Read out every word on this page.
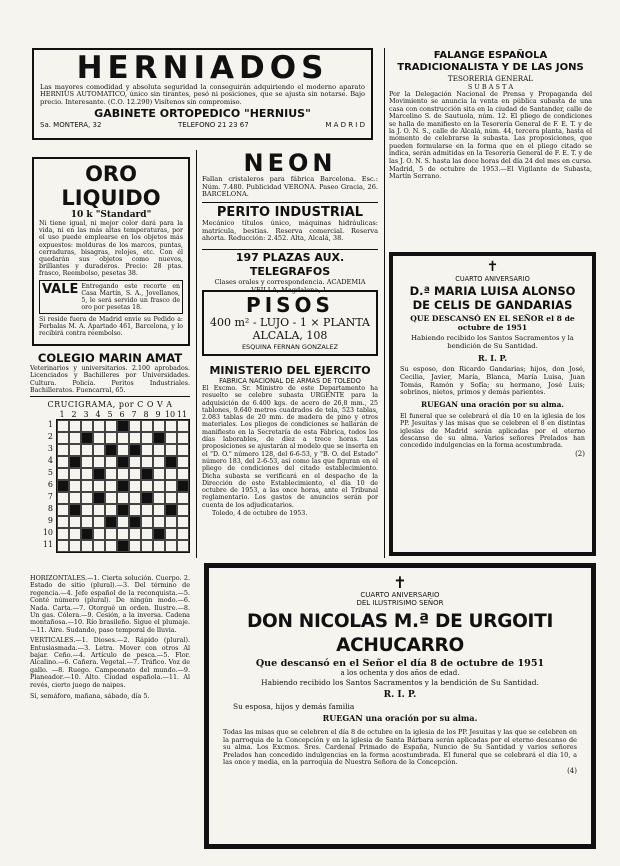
HERNIADOS
Las mayores comodidad y absoluta seguridad la conseguirán adquiriendo el moderno aparato HERNIUS AUTOMATICO, único sin tirantes, pesó ni posiciones, que se ajusta sin notarse. Bajo precio. Interesante. (C.O. 12.290) Visítenos sin compromiso.
GABINETE ORTOPEDICO "HERNIUS"
Sa. MONTERA, 32	TELEFONO 21 23 67	M A D R I D
ORO LIQUIDO
10 k "Standard"
Ni tiene igual, ni mejor color dará para la vida, ni en las más altas temperaturas, por el uso puede emplearse en los objetos más expuestos: molduras de los marcos, puntas, cerraduras, bisagras, relojes, etc. Con él quedarán sus objetos como nuevos, brillantes y duraderos. Precio: 28 ptas. frasco, Reembolso, pesetas 38.
VALE Entregando este recorte en Casa Martín, S. A., Jovellanos, 5, le será servido un frasco de oro por pesetas 18.
Si reside fuera de Madrid envíe su Pedido a: Ferbalas M. A. Apartado 461, Barcelona, y lo recibirá contra reembolso.
COLEGIO MARIN AMAT
Veterinarios y universitarios. 2.100 aprobados. Licenciados y Bachilleres por Universidades. Cultura. Policía. Peritos Industriales. Bachilleratos. Fuencarral, 65.
CRUCIGRAMA, por C O V A
1 2 3 4 5 6 7 8 9 10 11
1
2
3
4
5
6
7
8
9
10
11
HORIZONTALES.—1. Cierta solución. Cuerpo. 2. Estado de sitio (plural).—3. Del término de regencia.—4. Jefe español de la reconquista.—5. Conté número (plural). De ningún modo.—6. Nada. Carta.—7. Otorgué un orden. Ilustre.—8. Un gas. Cólera.—9. Cesión, a la inversa. Cadena montañosa.—10. Río brasileño. Sigue el plumaje.—11. Aire. Sudando, paso temporal de lluvia.
VERTICALES.—1. Dioses.—2. Rápido (plural). Entusiasmada.—3. Letra. Mover con otros Al bajar. Ceño.—4. Artículo de pesca.—5. Flor. Alcalino.—6. Cañera. Vegetal.—7. Tráfico. Voz de gallo. —8. Ruego. Campeonato del mundo.—9. Planeador.—10. Alto. Ciudad española.—11. Al revés, cierto juego de naipes.
Sí, semáforo, mañana, sábado, día 5.
NEON
Fallan cristaleros para fábrica Barcelona. Esc.: Núm. 7.480. Publicidad VERONA. Paseo Gracia, 26. BARCELONA.
PERITO INDUSTRIAL
Mecánico títulos único, máquinas hidráulicas: matrícula, bestias. Reserva comercial. Reserva ahorta. Reducción: 2.452. Alta, Alcalá, 38.
197 PLAZAS AUX. TELEGRAFOS
Clases orales y correspondencia. ACADEMIA VEILLA, Magdalena, 1.
PISOS
400 m² - LUJO - 1 × PLANTA
ALCALA, 108
ESQUINA FERNAN GONZALEZ
MINISTERIO DEL EJERCITO
FABRICA NACIONAL DE ARMAS DE TOLEDO
El Excmo. Sr. Ministro de este Departamento ha resuelto se celebre subasta URGENTE para la adquisición de 6.400 kgs. de acero de 26,8 mm., 25 tablones, 9.640 metros cuadrados de tela, 523 tablas, 2.083 tablas de 20 mm. de madera de pino y otros materiales. Los pliegos de condiciones se hallarán de manifiesto en la Secretaría de esta Fábrica, todos los días laborables, de diez a trece horas. Las proposiciones se ajustarán al modelo que se inserta en el "D. O." número 128, del 6-6-53, y "B. O. del Estado" número 183, del 2-6-53, así como las que figuran en el pliego de condiciones del citado establecimiento. Dicha subasta se verificará en el despacho de la Dirección de este Establecimiento, el día 10 de octubre de 1953, a las once horas, ante el Tribunal reglamentario. Los gastos de anuncios serán por cuenta de los adjudicatarios.
Toledo, 4 de octubre de 1953.
FALANGE ESPAÑOLA TRADICIONALISTA Y DE LAS JONS
TESORERIA GENERAL
S U B A S T A
Por la Delegación Nacional de Prensa y Propaganda del Movimiento se anuncia la venta en pública subasta de una casa con construcción sita en la ciudad de Santander, calle de Marcelino S. de Sautuola, núm. 12. El pliego de condiciones se halla de manifiesto en la Tesorería General de F. E. T. y de la J. O. N. S., calle de Alcalá, núm. 44, tercera planta, hasta el momento de celebrarse la subasta. Las proposiciones, que pueden formularse en la forma que en el pliego citado se indica, serán admitidas en la Tesorería General de F. E. T. y de las J. O. N. S. hasta las doce horas del día 24 del mes en curso.
Madrid, 5 de octubre de 1953.—El Vigilante de Subasta, Martín Serrano.
✝
CUARTO ANIVERSARIO
D.ª MARIA LUISA ALONSO DE CELIS DE GANDARIAS
QUE DESCANSÓ EN EL SEÑOR el 8 de octubre de 1951
Habiendo recibido los Santos Sacramentos y la bendición de Su Santidad.
R. I. P.
Su esposo, don Ricardo Gandarias; hijos, don José, Cecilia, Javier, María, Blanca, María Luisa, Juan Tomás, Ramón y Sofía; su hermano, José Luis; sobrinos, nietos, primos y demás parientes.
RUEGAN una oración por su alma.
El funeral que se celebrará el día 10 en la iglesia de los PP. Jesuitas y las misas que se celebren el 8 en distintas iglesias de Madrid serán aplicadas por el eterno descanso de su alma. Varios señores Prelados han concedido indulgencias en la forma acostumbrada.
(2)
✝
CUARTO ANIVERSARIO
DEL ILUSTRISIMO SEÑOR
DON NICOLAS M.ª DE URGOITI ACHUCARRO
Que descansó en el Señor el día 8 de octubre de 1951
a los ochenta y dos años de edad.
Habiendo recibido los Santos Sacramentos y la bendición de Su Santidad.
R. I. P.
Su esposa, hijos y demás familia
RUEGAN una oración por su alma.
Todas las misas que se celebren el día 8 de octubre en la iglesia de los PP. Jesuitas y las que se celebren en la parroquia de la Concepción y en la iglesia de Santa Bárbara serán aplicadas por el eterno descanso de su alma. Los Excmos. Sres. Cardenal Primado de España, Nuncio de Su Santidad y varios señores Prelados han concedido indulgencias en la forma acostumbrada. El funeral que se celebrará el día 10, a las once y media, en la parroquia de Nuestra Señora de la Concepción.
(4)
